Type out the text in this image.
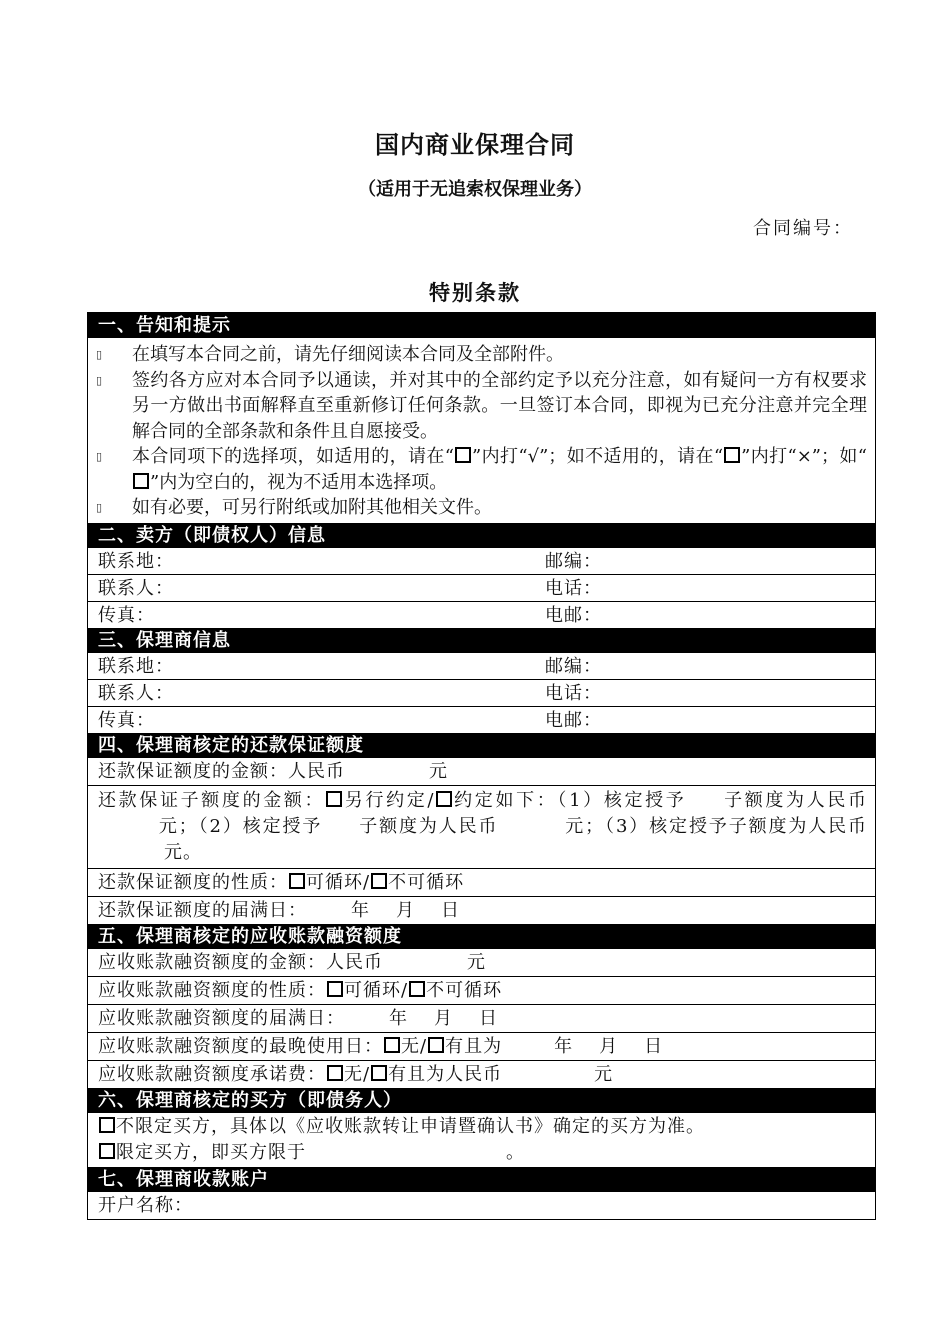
国内商业保理合同
（适用于无追索权保理业务）
合同编号：
特别条款
一、告知和提示
▯ 在填写本合同之前，请先仔细阅读本合同及全部附件。
▯ 签约各方应对本合同予以通读，并对其中的全部约定予以充分注意，如有疑问一方有权要求另一方做出书面解释直至重新修订任何条款。一旦签订本合同，即视为已充分注意并完全理解合同的全部条款和条件且自愿接受。
▯ 本合同项下的选择项，如适用的，请在“ ”内打“√”；如不适用的，请在“ ”内打“×”；如“”内为空白的，视为不适用本选择项。
▯ 如有必要，可另行附纸或加附其他相关文件。
二、卖方（即债权人）信息
联系地：	邮编：
联系人：	电话：
传真：	电邮：
三、保理商信息
联系地：	邮编：
联系人：	电话：
传真：	电邮：
四、保理商核定的还款保证额度
还款保证额度的金额：人民币	元
还款保证子额度的金额： 另行约定/ 约定如下：（1）核定授予 子额度为人民币元；（2）核定授予 子额度为人民币	元；（3）核定授予子额度为人民币元。
还款保证额度的性质： 可循环/ 不可循环
还款保证额度的届满日： 年 月 日
五、保理商核定的应收账款融资额度
应收账款融资额度的金额：人民币	元
应收账款融资额度的性质： 可循环/ 不可循环
应收账款融资额度的届满日： 年 月 日
应收账款融资额度的最晚使用日： 无/ 有且为	年 月 日
应收账款融资额度承诺费： 无/ 有且为人民币	元
六、保理商核定的买方（即债务人）
不限定买方，具体以《应收账款转让申请暨确认书》确定的买方为准。
限定买方，即买方限于	。
七、保理商收款账户
开户名称：
